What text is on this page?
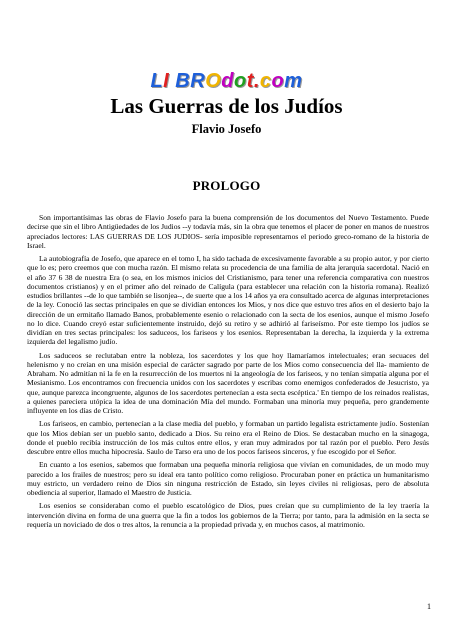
LI BROdot.com
Las Guerras de los Judíos
Flavio Josefo
PROLOGO

Son importantísimas las obras de Flavio Josefo para la buena comprensión de los documentos del Nuevo Testamento. Puede decirse que sin el libro Antigüedades de los Judios --y todavía más, sin la obra que tenemos el placer de poner en manos de nuestros apreciados lectores: LAS GUERRAS DE LOS JUDIOS- sería imposible representarnos el periodo greco-romano de la historia de Israel.

La autobiografía de Josefo, que aparece en el tomo I, ha sido tachada de excesivamente favorable a su propio autor, y por cierto que lo es; pero creemos que con mucha razón. El mismo relata su procedencia de una familia de alta jerarquía sacerdotal. Nació en el año 37 6 38 de nuestra Era (o sea, en los mismos inicios del Cristianismo, para tener una referencia comparativa con nuestros documentos cristianos) y en el primer año del reinado de Calígula (para establecer una relación con la historia romana). Realizó estudios brillantes --de lo que también se lisonjea--, de suerte que a los 14 años ya era consultado acerca de algunas interpretaciones de la ley. Conoció las sectas principales en que se dividían entonces los Mios, y nos dice que estuvo tres años en el desierto bajo la dirección de un ermitaño llamado Banos, probablemente esenio o relacionado con la secta de los esenios, aunque el mismo Josefo no lo dice. Cuando creyó estar suficientemente instruido, dejó su retiro y se adhirió al fariseísmo. Por este tiempo los judíos se dividían en tres sectas principales: los saduceos, los fariseos y los esenios. Representaban la derecha, la izquierda y la extrema izquierda del legalismo judío.

Los saduceos se reclutaban entre la nobleza, los sacerdotes y los que hoy llamaríamos intelectuales; eran secuaces del helenismo y no creían en una misión especial de carácter sagrado por parte de los Mios como consecuencia del lla- mamiento de Abraham. No admitían ni la fe en la resurrección de los muertos ni la angeología de los fariseos, y no tenían simpatía alguna por el Mesianismo. Los encontramos con frecuencia unidos con los sacerdotes y escribas como enemigos confederados de Jesucristo, ya que, aunque parezca incongruente, algunos de los sacerdotes pertenecían a esta secta escéptica.' En tiempo de los reinados realistas, a quienes pareciera utópica la idea de una dominación Mía del mundo. Formaban una minoría muy pequeña, pero grandemente influyente en los días de Cristo.

Los fariseos, en cambio, pertenecían a la clase media del pueblo, y formaban un partido legalista estrictamente judío. Sostenían que los Mios debían ser un pueblo santo, dedicado a Dios. Su reino era el Reino de Dios. Se destacaban mucho en la sinagoga, donde el pueblo recibía instrucción de los más cultos entre ellos, y eran muy admirados por tal razón por el pueblo. Pero Jesús descubre entre ellos mucha hipocresía. Saulo de Tarso era uno de los pocos fariseos sinceros, y fue escogido por el Señor.

En cuanto a los esenios, sabemos que formaban una pequeña minoría religiosa que vivían en comunidades, de un modo muy parecido a los frailes de nuestros; pero su ideal era tanto político como religioso. Procuraban poner en práctica un humanitarismo muy estricto, un verdadero reino de Dios sin ninguna restricción de Estado, sin leyes civiles ni religiosas, pero de absoluta obediencia al superior, llamado el Maestro de Justicia.

Los esenios se consideraban como el pueblo escatológico de Dios, pues creían que su cumplimiento de la ley traería la intervención divina en forma de una guerra que la fin a todos los gobiernos de la Tierra; por tanto, para la admisión en la secta se requería un noviciado de dos o tres altos, la renuncia a la propiedad privada y, en muchos casos, al matrimonio.

1
